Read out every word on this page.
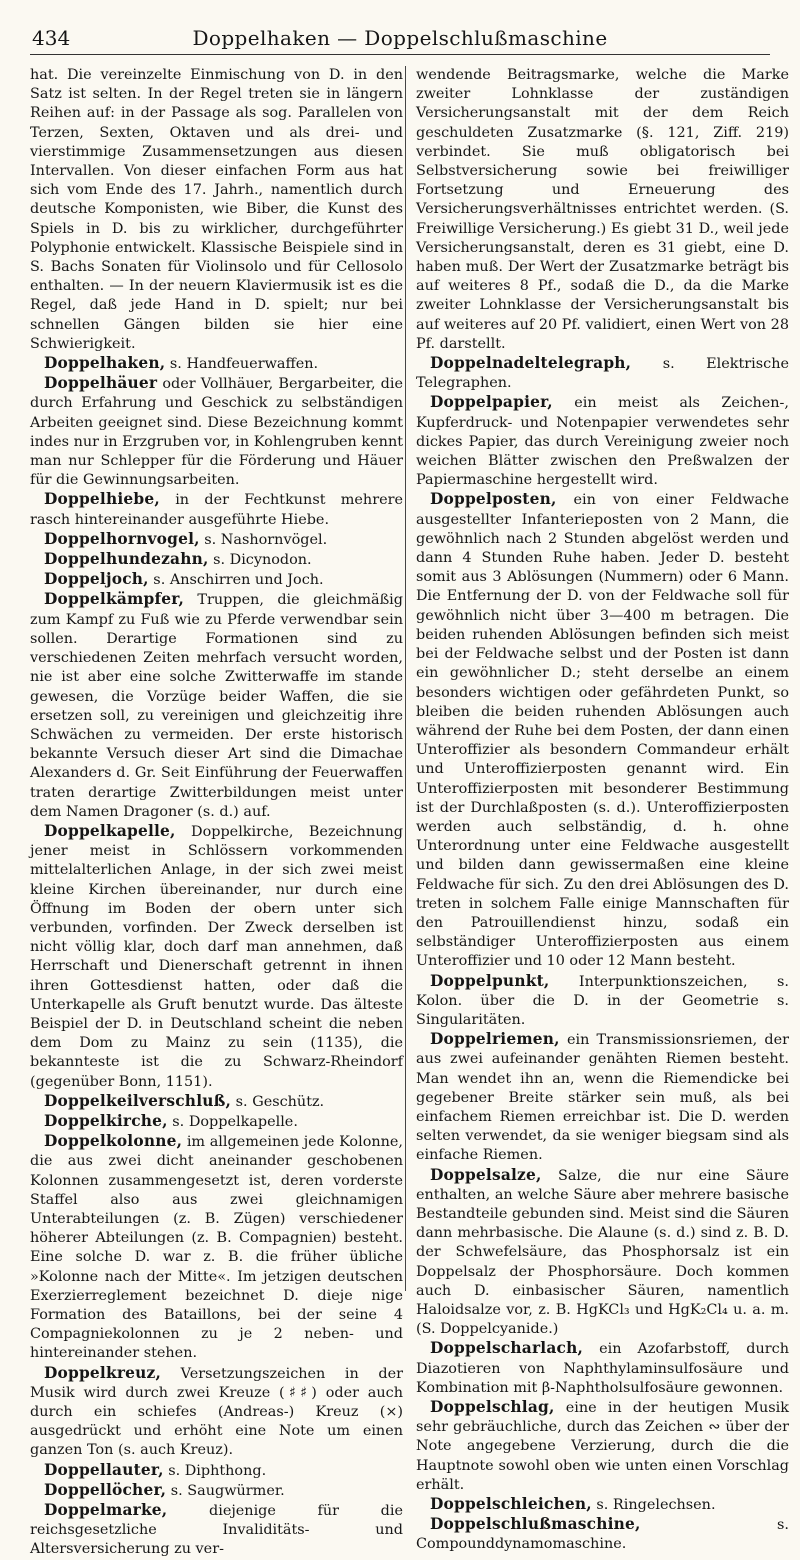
434	Doppelhaken — Doppelschlußmaschine

hat. Die vereinzelte Einmischung von D. in den Satz ist selten. In der Regel treten sie in längern Reihen auf: in der Passage als sog. Parallelen von Terzen, Sexten, Oktaven und als drei- und vierstimmige Zusammensetzungen aus diesen Intervallen. Von dieser einfachen Form aus hat sich vom Ende des 17. Jahrh., namentlich durch deutsche Komponisten, wie Biber, die Kunst des Spiels in D. bis zu wirklicher, durchgeführter Polyphonie entwickelt. Klassische Beispiele sind in S. Bachs Sonaten für Violinsolo und für Cellosolo enthalten. — In der neuern Klaviermusik ist es die Regel, daß jede Hand in D. spielt; nur bei schnellen Gängen bilden sie hier eine Schwierigkeit.

Doppelhaken, s. Handfeuerwaffen.

Doppelhäuer oder Vollhäuer, Bergarbeiter, die durch Erfahrung und Geschick zu selbständigen Arbeiten geeignet sind. Diese Bezeichnung kommt indes nur in Erzgruben vor, in Kohlengruben kennt man nur Schlepper für die Förderung und Häuer für die Gewinnungsarbeiten.

Doppelhiebe, in der Fechtkunst mehrere rasch hintereinander ausgeführte Hiebe.

Doppelhornvogel, s. Nashornvögel.

Doppelhundezahn, s. Dicynodon.

Doppeljoch, s. Anschirren und Joch.

Doppelkämpfer, Truppen, die gleichmäßig zum Kampf zu Fuß wie zu Pferde verwendbar sein sollen. Derartige Formationen sind zu verschiedenen Zeiten mehrfach versucht worden, nie ist aber eine solche Zwitterwaffe im stande gewesen, die Vorzüge beider Waffen, die sie ersetzen soll, zu vereinigen und gleichzeitig ihre Schwächen zu vermeiden. Der erste historisch bekannte Versuch dieser Art sind die Dimachae Alexanders d. Gr. Seit Einführung der Feuerwaffen traten derartige Zwitterbildungen meist unter dem Namen Dragoner (s. d.) auf.

Doppelkapelle, Doppelkirche, Bezeichnung jener meist in Schlössern vorkommenden mittelalterlichen Anlage, in der sich zwei meist kleine Kirchen übereinander, nur durch eine Öffnung im Boden der obern unter sich verbunden, vorfinden. Der Zweck derselben ist nicht völlig klar, doch darf man annehmen, daß Herrschaft und Dienerschaft getrennt in ihnen ihren Gottesdienst hatten, oder daß die Unterkapelle als Gruft benutzt wurde. Das älteste Beispiel der D. in Deutschland scheint die neben dem Dom zu Mainz zu sein (1135), die bekannteste ist die zu Schwarz-Rheindorf (gegenüber Bonn, 1151).

Doppelkeilverschluß, s. Geschütz.

Doppelkirche, s. Doppelkapelle.

Doppelkolonne, im allgemeinen jede Kolonne, die aus zwei dicht aneinander geschobenen Kolonnen zusammengesetzt ist, deren vorderste Staffel also aus zwei gleichnamigen Unterabteilungen (z. B. Zügen) verschiedener höherer Abteilungen (z. B. Compagnien) besteht. Eine solche D. war z. B. die früher übliche »Kolonne nach der Mitte«. Im jetzigen deutschen Exerzierreglement bezeichnet D. dieje nige Formation des Bataillons, bei der seine 4 Compagniekolonnen zu je 2 neben- und hintereinander stehen.

Doppelkreuz, Versetzungszeichen in der Musik wird durch zwei Kreuze (♯♯) oder auch durch ein schiefes (Andreas-) Kreuz (×) ausgedrückt und erhöht eine Note um einen ganzen Ton (s. auch Kreuz).

Doppellauter, s. Diphthong.

Doppellöcher, s. Saugwürmer.

Doppelmarke, diejenige für die reichsgesetzliche Invaliditäts- und Altersversicherung zu ver-

wendende Beitragsmarke, welche die Marke zweiter Lohnklasse der zuständigen Versicherungsanstalt mit der dem Reich geschuldeten Zusatzmarke (§. 121, Ziff. 219) verbindet. Sie muß obligatorisch bei Selbstversicherung sowie bei freiwilliger Fortsetzung und Erneuerung des Versicherungsverhältnisses entrichtet werden. (S. Freiwillige Versicherung.) Es giebt 31 D., weil jede Versicherungsanstalt, deren es 31 giebt, eine D. haben muß. Der Wert der Zusatzmarke beträgt bis auf weiteres 8 Pf., sodaß die D., da die Marke zweiter Lohnklasse der Versicherungsanstalt bis auf weiteres auf 20 Pf. validiert, einen Wert von 28 Pf. darstellt.

Doppelnadeltelegraph, s. Elektrische Telegraphen.

Doppelpapier, ein meist als Zeichen-, Kupferdruck- und Notenpapier verwendetes sehr dickes Papier, das durch Vereinigung zweier noch weichen Blätter zwischen den Preßwalzen der Papiermaschine hergestellt wird.

Doppelposten, ein von einer Feldwache ausgestellter Infanterieposten von 2 Mann, die gewöhnlich nach 2 Stunden abgelöst werden und dann 4 Stunden Ruhe haben. Jeder D. besteht somit aus 3 Ablösungen (Nummern) oder 6 Mann. Die Entfernung der D. von der Feldwache soll für gewöhnlich nicht über 3—400 m betragen. Die beiden ruhenden Ablösungen befinden sich meist bei der Feldwache selbst und der Posten ist dann ein gewöhnlicher D.; steht derselbe an einem besonders wichtigen oder gefährdeten Punkt, so bleiben die beiden ruhenden Ablösungen auch während der Ruhe bei dem Posten, der dann einen Unteroffizier als besondern Commandeur erhält und Unteroffizierposten genannt wird. Ein Unteroffizierposten mit besonderer Bestimmung ist der Durchlaßposten (s. d.). Unteroffizierposten werden auch selbständig, d. h. ohne Unterordnung unter eine Feldwache ausgestellt und bilden dann gewissermaßen eine kleine Feldwache für sich. Zu den drei Ablösungen des D. treten in solchem Falle einige Mannschaften für den Patrouillendienst hinzu, sodaß ein selbständiger Unteroffizierposten aus einem Unteroffizier und 10 oder 12 Mann besteht.

Doppelpunkt, Interpunktionszeichen, s. Kolon. über die D. in der Geometrie s. Singularitäten.

Doppelriemen, ein Transmissionsriemen, der aus zwei aufeinander genähten Riemen besteht. Man wendet ihn an, wenn die Riemendicke bei gegebener Breite stärker sein muß, als bei einfachem Riemen erreichbar ist. Die D. werden selten verwendet, da sie weniger biegsam sind als einfache Riemen.

Doppelsalze, Salze, die nur eine Säure enthalten, an welche Säure aber mehrere basische Bestandteile gebunden sind. Meist sind die Säuren dann mehrbasische. Die Alaune (s. d.) sind z. B. D. der Schwefelsäure, das Phosphorsalz ist ein Doppelsalz der Phosphorsäure. Doch kommen auch D. einbasischer Säuren, namentlich Haloidsalze vor, z. B. HgKCl₃ und HgK₂Cl₄ u. a. m. (S. Doppelcyanide.)

Doppelscharlach, ein Azofarbstoff, durch Diazotieren von Naphthylaminsulfosäure und Kombination mit β-Naphtholsulfosäure gewonnen.

Doppelschlag, eine in der heutigen Musik sehr gebräuchliche, durch das Zeichen ∾ über der Note angegebene Verzierung, durch die die Hauptnote sowohl oben wie unten einen Vorschlag erhält.

Doppelschleichen, s. Ringelechsen.

Doppelschlußmaschine, s. Compounddynamomaschine.
